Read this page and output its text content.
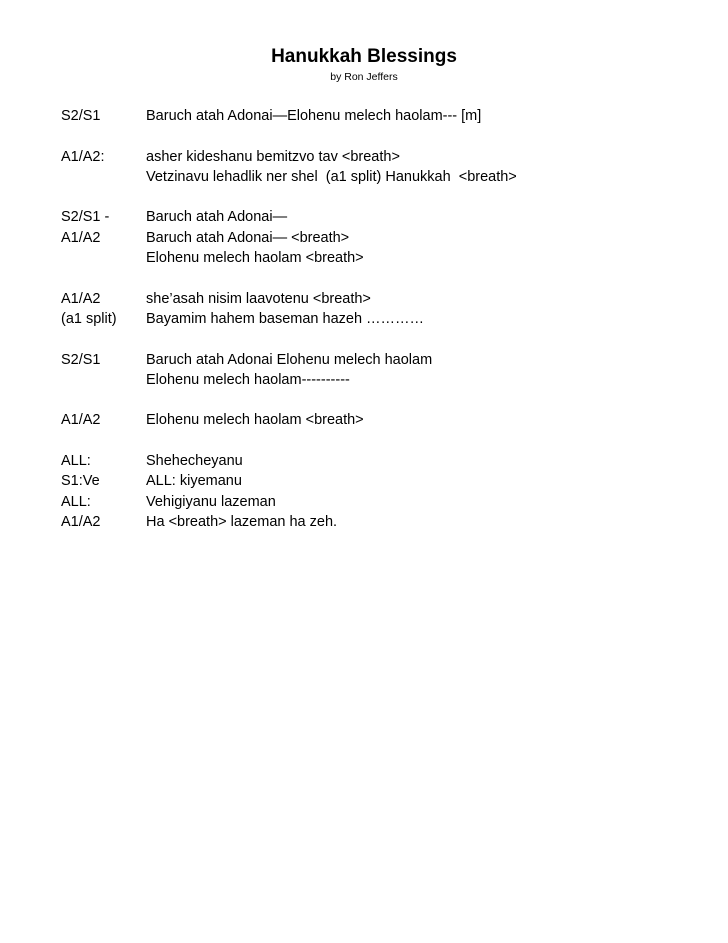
Hanukkah Blessings
by Ron Jeffers
S2/S1	Baruch atah Adonai—Elohenu melech haolam--- [m]
A1/A2:	asher kideshanu bemitzvo tav <breath>
Vetzinavu lehadlik ner shel  (a1 split) Hanukkah  <breath>
S2/S1 -	Baruch atah Adonai—
A1/A2	Baruch atah Adonai— <breath>
Elohenu melech haolam <breath>
A1/A2	she’asah nisim laavotenu <breath>
(a1 split)	Bayamim hahem baseman hazeh …………
S2/S1	Baruch atah Adonai Elohenu melech haolam
Elohenu melech haolam----------
A1/A2	Elohenu melech haolam <breath>
ALL:	Shehecheyanu
S1:Ve	ALL: kiyemanu
ALL:	Vehigiyanu lazeman
A1/A2	Ha <breath> lazeman ha zeh.
